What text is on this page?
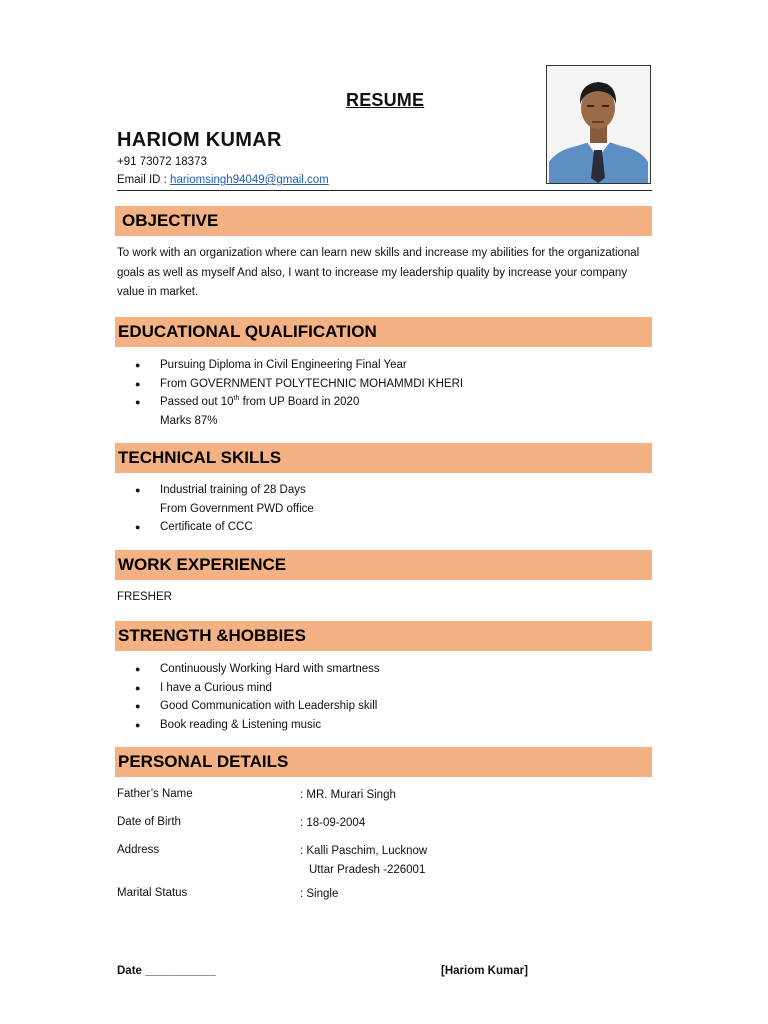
RESUME
HARIOM KUMAR
+91 73072 18373
Email ID : hariomsingh94049@gmail.com
OBJECTIVE
To work with an organization where can learn new skills and increase my abilities for the organizational goals as well as myself And also, I want to increase my leadership quality by increase your company value in market.
EDUCATIONAL QUALIFICATION
● Pursuing Diploma in Civil Engineering Final Year
● From GOVERNMENT POLYTECHNIC MOHAMMDI KHERI
● Passed out 10th from UP Board in 2020
Marks 87%
TECHNICAL SKILLS
● Industrial training of 28 Days
From Government PWD office
● Certificate of CCC
WORK EXPERIENCE
FRESHER
STRENGTH &HOBBIES
● Continuously Working Hard with smartness
● I have a Curious mind
● Good Communication with Leadership skill
● Book reading & Listening music
PERSONAL DETAILS
Father’s Name	: MR. Murari Singh
Date of Birth	: 18-09-2004
Address	: Kalli Paschim, Lucknow
Uttar Pradesh -226001
Marital Status	: Single
Date ___________	[Hariom Kumar]
